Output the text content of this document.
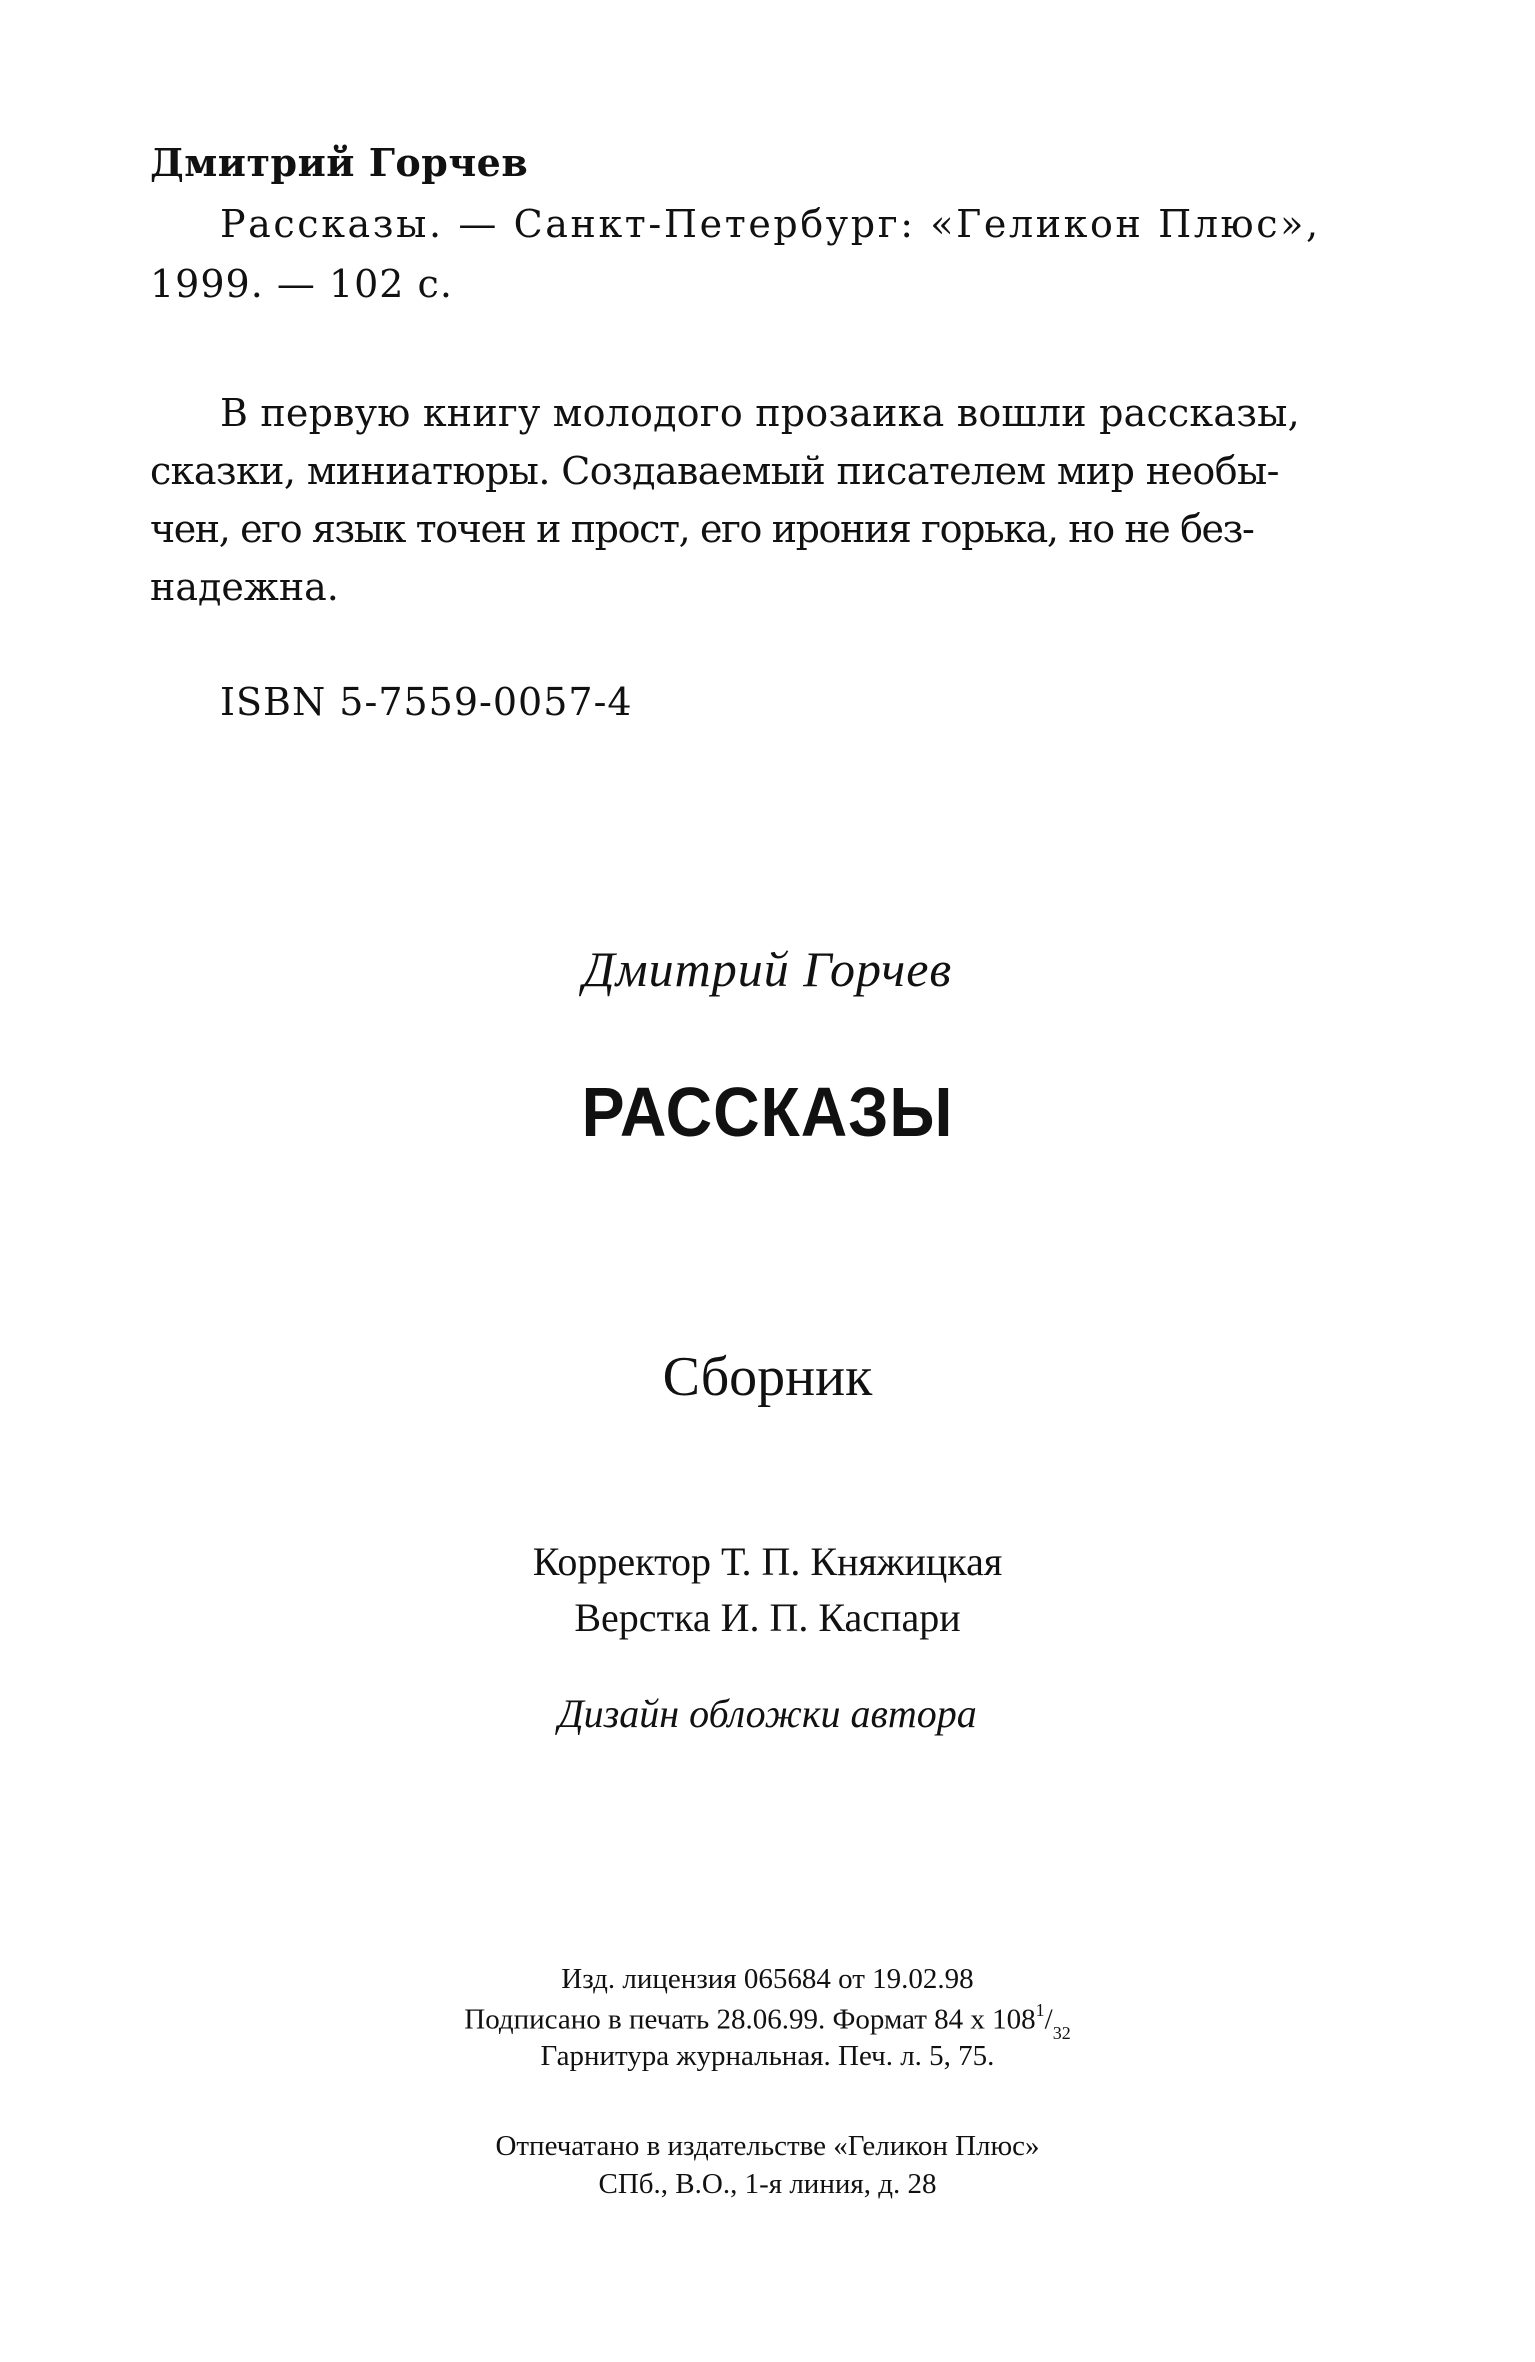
Дмитрий Горчев
Рассказы. — Санкт-Петербург: «Геликон Плюс»,
1999. — 102 с.
В первую книгу молодого прозаика вошли рассказы,
сказки, миниатюры. Создаваемый писателем мир необы-
чен, его язык точен и прост, его ирония горька, но не без-
надежна.
ISBN 5-7559-0057-4
Дмитрий Горчев
РАССКАЗЫ
Сборник
Корректор Т. П. Княжицкая
Верстка И. П. Каспари
Дизайн обложки автора
Изд. лицензия 065684 от 19.02.98
Подписано в печать 28.06.99. Формат 84 x $108^1/_{32}$
Гарнитура журнальная. Печ. л. 5, 75.
Отпечатано в издательстве «Геликон Плюс»
СПб., В.О., 1-я линия, д. 28
